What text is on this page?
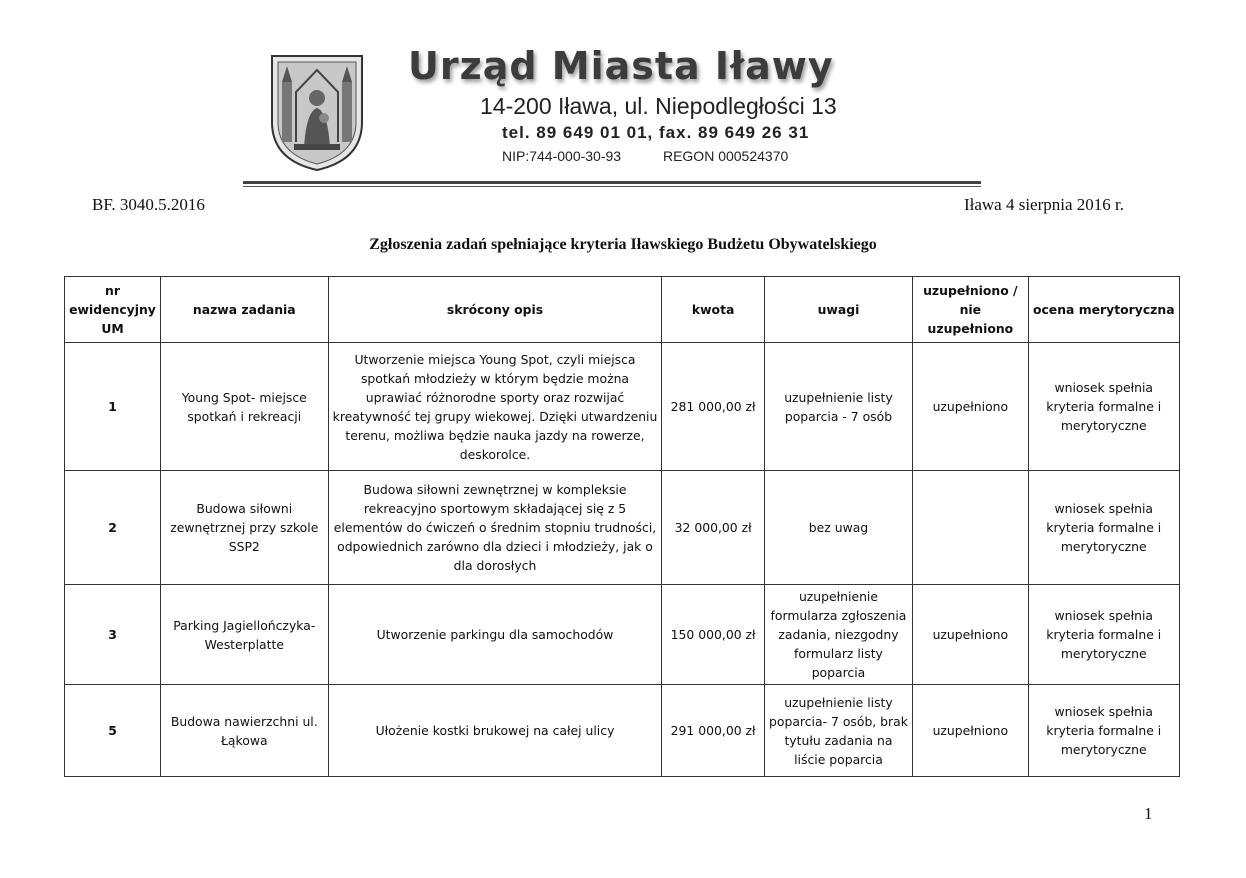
Urząd Miasta Iławy
14-200 Iława, ul. Niepodległości 13
tel. 89 649 01 01, fax. 89 649 26 31
NIP:744-000-30-93	REGON 000524370
BF. 3040.5.2016	Iława 4 sierpnia 2016 r.
Zgłoszenia zadań spełniające kryteria Iławskiego Budżetu Obywatelskiego
nr ewidencyjny UM	nazwa zadania	skrócony opis	kwota	uwagi	uzupełniono / nie uzupełniono	ocena merytoryczna
1	Young Spot- miejsce spotkań i rekreacji	Utworzenie miejsca Young Spot, czyli miejsca spotkań młodzieży w którym będzie można uprawiać różnorodne sporty oraz rozwijać kreatywność tej grupy wiekowej. Dzięki utwardzeniu terenu, możliwa będzie nauka jazdy na rowerze, deskorolce.	281 000,00 zł	uzupełnienie listy poparcia - 7 osób	uzupełniono	wniosek spełnia kryteria formalne i merytoryczne
2	Budowa siłowni zewnętrznej przy szkole SSP2	Budowa siłowni zewnętrznej w kompleksie rekreacyjno sportowym składającej się z 5 elementów do ćwiczeń o średnim stopniu trudności, odpowiednich zarówno dla dzieci i młodzieży, jak o dla dorosłych	32 000,00 zł	bez uwag		wniosek spełnia kryteria formalne i merytoryczne
3	Parking Jagiellończyka- Westerplatte	Utworzenie parkingu dla samochodów	150 000,00 zł	uzupełnienie formularza zgłoszenia zadania, niezgodny formularz listy poparcia	uzupełniono	wniosek spełnia kryteria formalne i merytoryczne
5	Budowa nawierzchni ul. Łąkowa	Ułożenie kostki brukowej na całej ulicy	291 000,00 zł	uzupełnienie listy poparcia- 7 osób, brak tytułu zadania na liście poparcia	uzupełniono	wniosek spełnia kryteria formalne i merytoryczne
1
